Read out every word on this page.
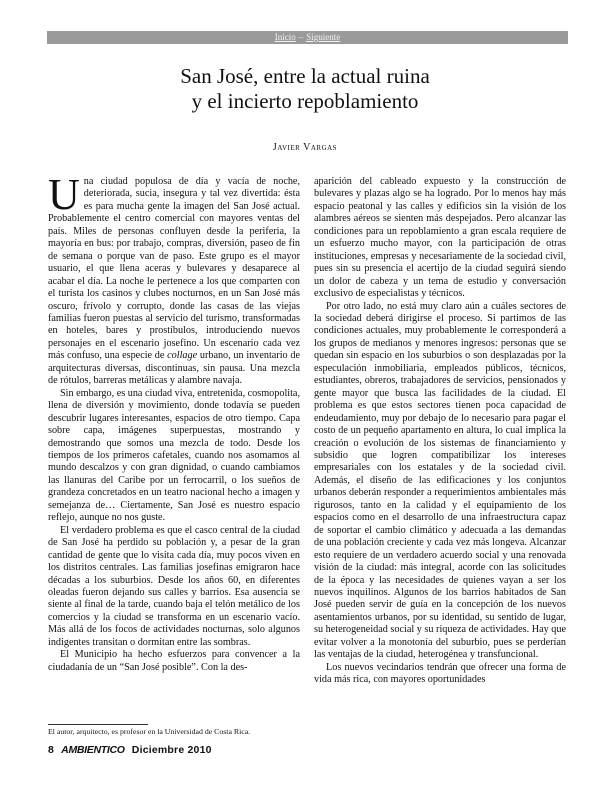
Inicio – Siguiente
San José, entre la actual ruina
y el incierto repoblamiento
Javier Vargas

Una ciudad populosa de día y vacía de noche, deteriorada, sucia, insegura y tal vez divertida: ésta es para mucha gente la imagen del San José actual. Probablemente el centro comercial con mayores ventas del país. Miles de personas confluyen desde la periferia, la mayoría en bus: por trabajo, compras, diversión, paseo de fin de semana o porque van de paso. Este grupo es el mayor usuario, el que llena aceras y bulevares y desaparece al acabar el día. La noche le pertenece a los que comparten con el turista los casinos y clubes nocturnos, en un San José más oscuro, frívolo y corrupto, donde las casas de las viejas familias fueron puestas al servicio del turismo, transformadas en hoteles, bares y prostíbulos, introduciendo nuevos personajes en el escenario josefino. Un escenario cada vez más confuso, una especie de collage urbano, un inventario de arquitecturas diversas, discontinuas, sin pausa. Una mezcla de rótulos, barreras metálicas y alambre navaja.

Sin embargo, es una ciudad viva, entretenida, cosmopolita, llena de diversión y movimiento, donde todavía se pueden descubrir lugares interesantes, espacios de otro tiempo. Capa sobre capa, imágenes superpuestas, mostrando y demostrando que somos una mezcla de todo. Desde los tiempos de los primeros cafetales, cuando nos asomamos al mundo descalzos y con gran dignidad, o cuando cambiamos las llanuras del Caribe por un ferrocarril, o los sueños de grandeza concretados en un teatro nacional hecho a imagen y semejanza de… Ciertamente, San José es nuestro espacio reflejo, aunque no nos guste.

El verdadero problema es que el casco central de la ciudad de San José ha perdido su población y, a pesar de la gran cantidad de gente que lo visita cada día, muy pocos viven en los distritos centrales. Las familias josefinas emigraron hace décadas a los suburbios. Desde los años 60, en diferentes oleadas fueron dejando sus calles y barrios. Esa ausencia se siente al final de la tarde, cuando baja el telón metálico de los comercios y la ciudad se transforma en un escenario vacío. Más allá de los focos de actividades nocturnas, solo algunos indigentes transitan o dormitan entre las sombras.

El Municipio ha hecho esfuerzos para convencer a la ciudadanía de un “San José posible”. Con la des-

aparición del cableado expuesto y la construcción de bulevares y plazas algo se ha logrado. Por lo menos hay más espacio peatonal y las calles y edificios sin la visión de los alambres aéreos se sienten más despejados. Pero alcanzar las condiciones para un repoblamiento a gran escala requiere de un esfuerzo mucho mayor, con la participación de otras instituciones, empresas y necesariamente de la sociedad civil, pues sin su presencia el acertijo de la ciudad seguirá siendo un dolor de cabeza y un tema de estudio y conversación exclusivo de especialistas y técnicos.

Por otro lado, no está muy claro aún a cuáles sectores de la sociedad deberá dirigirse el proceso. Si partimos de las condiciones actuales, muy probablemente le corresponderá a los grupos de medianos y menores ingresos: personas que se quedan sin espacio en los suburbios o son desplazadas por la especulación inmobiliaria, empleados públicos, técnicos, estudiantes, obreros, trabajadores de servicios, pensionados y gente mayor que busca las facilidades de la ciudad. El problema es que estos sectores tienen poca capacidad de endeudamiento, muy por debajo de lo necesario para pagar el costo de un pequeño apartamento en altura, lo cual implica la creación o evolución de los sistemas de financiamiento y subsidio que logren compatibilizar los intereses empresariales con los estatales y de la sociedad civil. Además, el diseño de las edificaciones y los conjuntos urbanos deberán responder a requerimientos ambientales más rigurosos, tanto en la calidad y el equipamiento de los espacios como en el desarrollo de una infraestructura capaz de soportar el cambio climático y adecuada a las demandas de una población creciente y cada vez más longeva. Alcanzar esto requiere de un verdadero acuerdo social y una renovada visión de la ciudad: más integral, acorde con las solicitudes de la época y las necesidades de quienes vayan a ser los nuevos inquilinos. Algunos de los barrios habitados de San José pueden servir de guía en la concepción de los nuevos asentamientos urbanos, por su identidad, su sentido de lugar, su heterogeneidad social y su riqueza de actividades. Hay que evitar volver a la monotonía del suburbio, pues se perderían las ventajas de la ciudad, heterogénea y transfuncional.

Los nuevos vecindarios tendrán que ofrecer una forma de vida más rica, con mayores oportunidades

El autor, arquitecto, es profesor en la Universidad de Costa Rica.
8 AMBIENTICO Diciembre 2010
